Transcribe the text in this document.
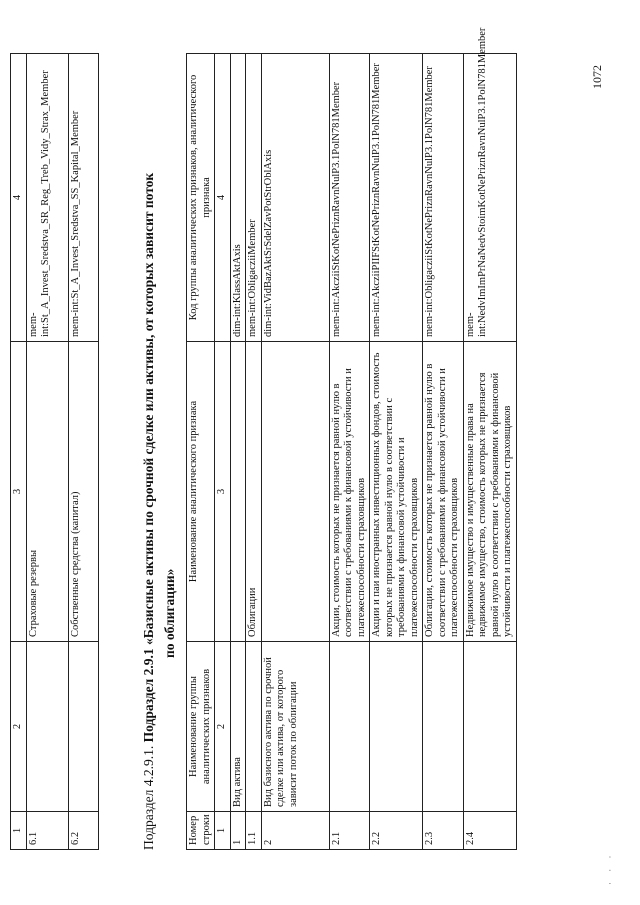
1	2	3	4
6.1		Страховые резервы	mem-int:St_A_Invest_Sredstva_SR_Reg_Treb_Vidy_Strax_Member
6.2		Собственные средства (капитал)	mem-int:St_A_Invest_Sredstva_SS_Kapital_Member
Подраздел 4.2.9.1. Подраздел 2.9.1 «Базисные активы по срочной сделке или активы, от которых зависит поток по облигации»
Номер строки	Наименование группы аналитических признаков	Наименование аналитического признака	Код группы аналитических признаков, аналитического признака
1	2	3	4
1	Вид актива		dim-int:KlassAktAxis
1.1		Облигации	mem-int:ObligacziiMember
2	Вид базисного актива по срочной сделке или актива, от которого зависит поток по облигации		dim-int:VidBazAktSrSdelZavPotStrOblAxis
2.1		Акции, стоимость которых не признается равной нулю в соответствии с требованиями к финансовой устойчивости и платежеспособности страховщиков	mem-int:AkcziiStKotNePriznRavnNulP3.1PolN781Member
2.2		Акции и паи иностранных инвестиционных фондов, стоимость которых не признается равной нулю в соответствии с требованиями к финансовой устойчивости и платежеспособности страховщиков	mem-int:AkcziiPIIFStKotNePriznRavnNulP3.1PolN781Member
2.3		Облигации, стоимость которых не признается равной нулю в соответствии с требованиями к финансовой устойчивости и платежеспособности страховщиков	mem-int:ObligacziiStKotNePriznRavnNulP3.1PolN781Member
2.4		Недвижимое имущество и имущественные права на недвижимое имущество, стоимость которых не признается равной нулю в соответствии с требованиями к финансовой устойчивости и платежеспособности страховщиков	mem-int:NedvImImPrNaNedvStoimKotNePriznRavnNulP3.1PolN781Member	1072
· · ·
